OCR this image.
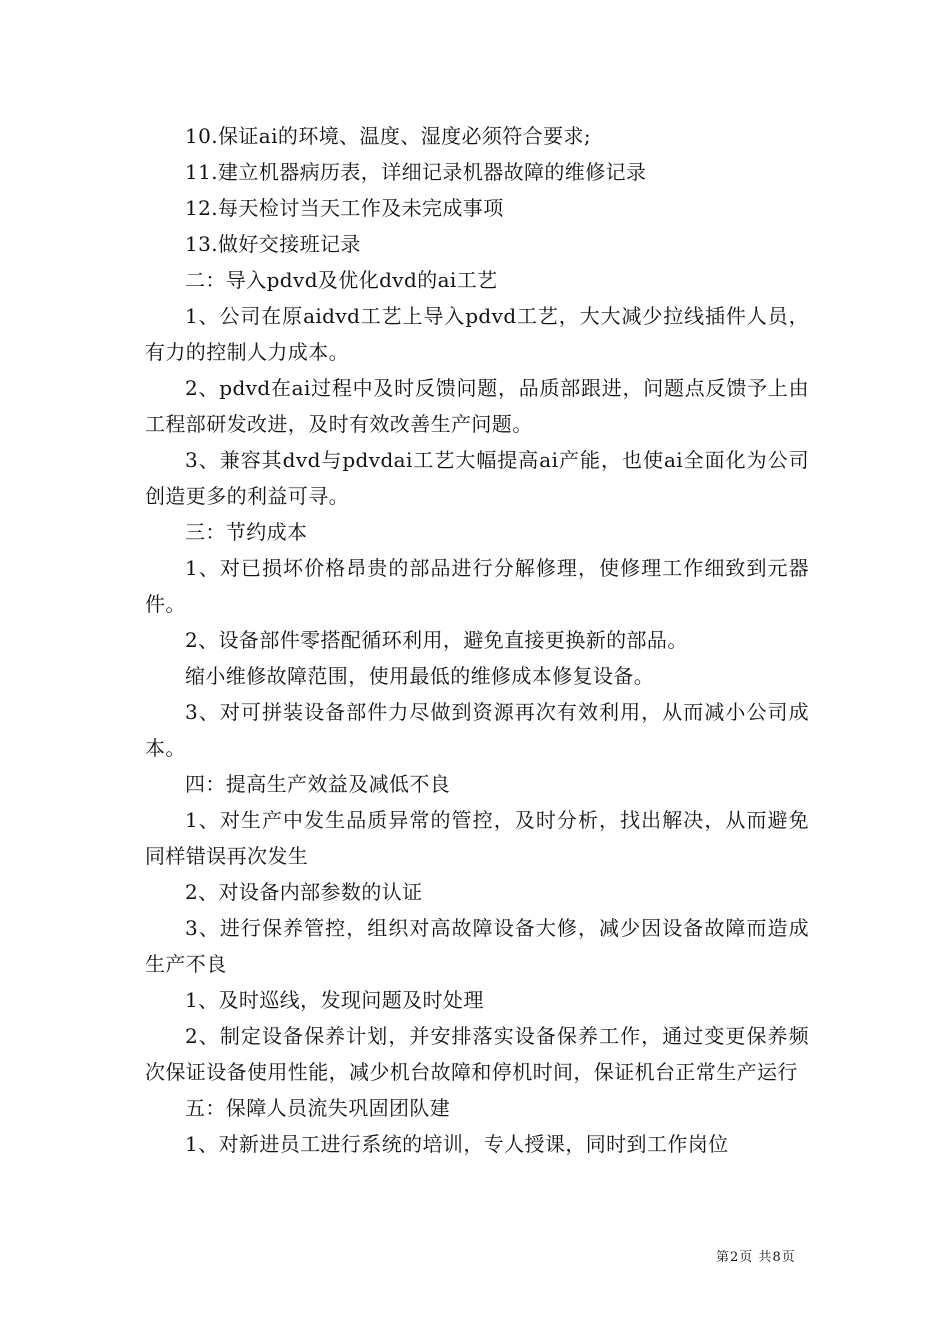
10.保证ai的环境、温度、湿度必须符合要求;

11.建立机器病历表，详细记录机器故障的维修记录

12.每天检讨当天工作及未完成事项

13.做好交接班记录

二：导入pdvd及优化dvd的ai工艺

1、公司在原aidvd工艺上导入pdvd工艺，大大减少拉线插件人员，有力的控制人力成本。

2、pdvd在ai过程中及时反馈问题，品质部跟进，问题点反馈予上由工程部研发改进，及时有效改善生产问题。

3、兼容其dvd与pdvdai工艺大幅提高ai产能，也使ai全面化为公司创造更多的利益可寻。

三：节约成本

1、对已损坏价格昂贵的部品进行分解修理，使修理工作细致到元器件。

2、设备部件零搭配循环利用，避免直接更换新的部品。

缩小维修故障范围，使用最低的维修成本修复设备。

3、对可拼装设备部件力尽做到资源再次有效利用，从而减小公司成本。

四：提高生产效益及减低不良

1、对生产中发生品质异常的管控，及时分析，找出解决，从而避免同样错误再次发生

2、对设备内部参数的认证

3、进行保养管控，组织对高故障设备大修，减少因设备故障而造成生产不良

1、及时巡线，发现问题及时处理

2、制定设备保养计划，并安排落实设备保养工作，通过变更保养频次保证设备使用性能，减少机台故障和停机时间，保证机台正常生产运行

五：保障人员流失巩固团队建

1、对新进员工进行系统的培训，专人授课，同时到工作岗位

第2页 共8页
